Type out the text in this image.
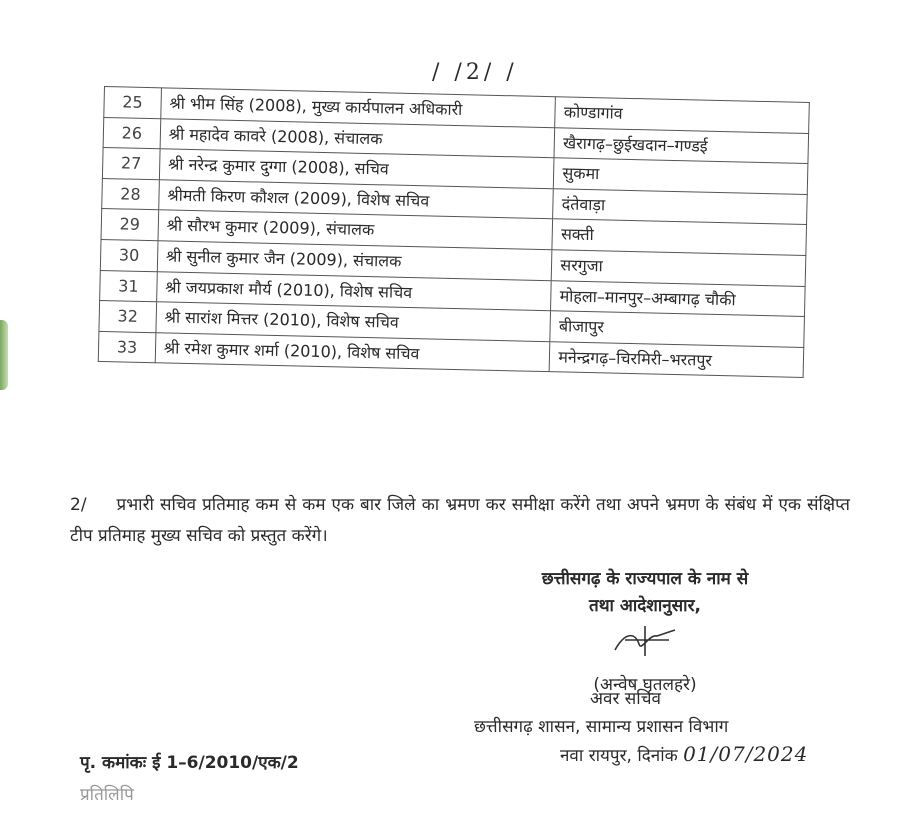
/ /2/ /
25	श्री भीम सिंह (2008), मुख्य कार्यपालन अधिकारी	कोण्डागांव
26	श्री महादेव कावरे (2008), संचालक	खैरागढ़–छुईखदान–गण्डई
27	श्री नरेन्द्र कुमार दुग्गा (2008), सचिव	सुकमा
28	श्रीमती किरण कौशल (2009), विशेष सचिव	दंतेवाड़ा
29	श्री सौरभ कुमार (2009), संचालक	सक्ती
30	श्री सुनील कुमार जैन (2009), संचालक	सरगुजा
31	श्री जयप्रकाश मौर्य (2010), विशेष सचिव	मोहला–मानपुर–अम्बागढ़ चौकी
32	श्री सारांश मित्तर (2010), विशेष सचिव	बीजापुर
33	श्री रमेश कुमार शर्मा (2010), विशेष सचिव	मनेन्द्रगढ़–चिरमिरी–भरतपुर
2/ प्रभारी सचिव प्रतिमाह कम से कम एक बार जिले का भ्रमण कर समीक्षा करेंगे तथा अपने भ्रमण के संबंध में एक संक्षिप्त टीप प्रतिमाह मुख्य सचिव को प्रस्तुत करेंगे।
छत्तीसगढ़ के राज्यपाल के नाम से
तथा आदेशानुसार,
(अन्वेष घृतलहरे)
अवर सचिव
छत्तीसगढ़ शासन, सामान्य प्रशासन विभाग
नवा रायपुर, दिनांक 01/07/2024
पृ. कमांकः ई 1–6/2010/एक/2
प्रतिलिपि
